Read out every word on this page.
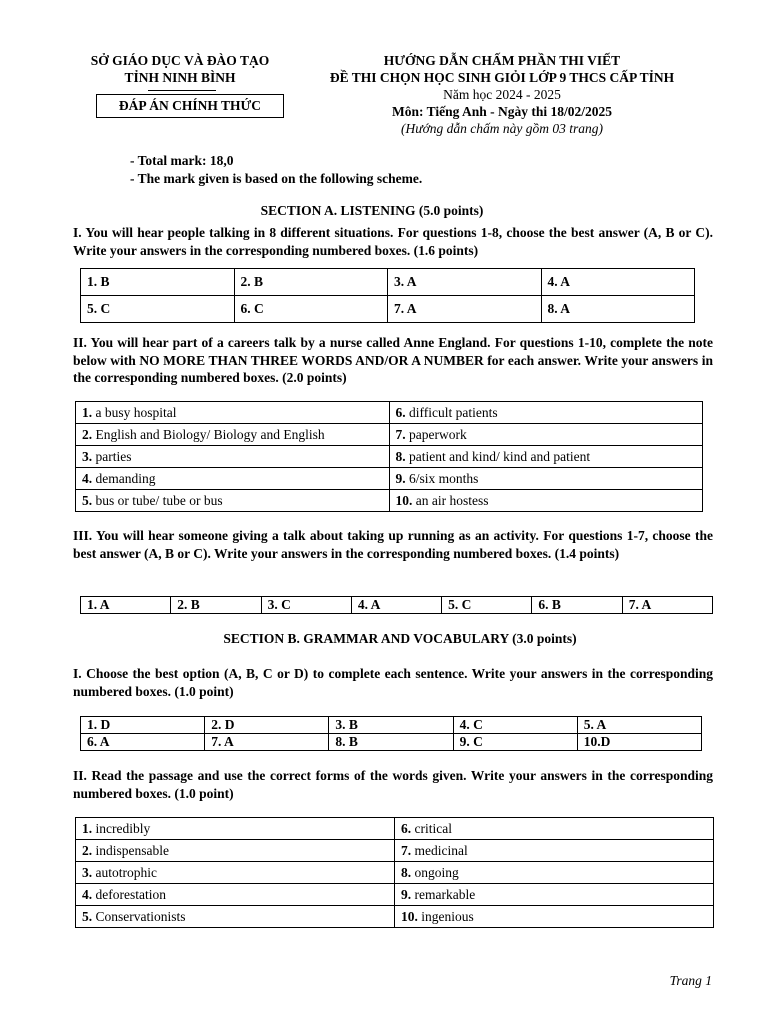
SỞ GIÁO DỤC VÀ ĐÀO TẠO
TỈNH NINH BÌNH
ĐÁP ÁN CHÍNH THỨC
HƯỚNG DẪN CHẤM PHẦN THI VIẾT
ĐỀ THI CHỌN HỌC SINH GIỎI LỚP 9 THCS CẤP TỈNH
Năm học 2024 - 2025
Môn: Tiếng Anh - Ngày thi 18/02/2025
(Hướng dẫn chấm này gồm 03 trang)
- Total mark: 18,0
- The mark given is based on the following scheme.
SECTION A. LISTENING (5.0 points)
I. You will hear people talking in 8 different situations. For questions 1-8, choose the best answer (A, B or C). Write your answers in the corresponding numbered boxes. (1.6 points)
1. B	2. B	3. A	4. A
5. C	6. C	7. A	8. A
II. You will hear part of a careers talk by a nurse called Anne England. For questions 1-10, complete the note below with NO MORE THAN THREE WORDS AND/OR A NUMBER for each answer. Write your answers in the corresponding numbered boxes. (2.0 points)
1. a busy hospital	6. difficult patients
2. English and Biology/ Biology and English	7. paperwork
3. parties	8. patient and kind/ kind and patient
4. demanding	9. 6/six months
5. bus or tube/ tube or bus	10. an air hostess
III. You will hear someone giving a talk about taking up running as an activity. For questions 1-7, choose the best answer (A, B or C). Write your answers in the corresponding numbered boxes. (1.4 points)
1. A	2. B	3. C	4. A	5. C	6. B	7. A
SECTION B. GRAMMAR AND VOCABULARY (3.0 points)
I. Choose the best option (A, B, C or D) to complete each sentence. Write your answers in the corresponding numbered boxes. (1.0 point)
1. D	2. D	3. B	4. C	5. A
6. A	7. A	8. B	9. C	10.D
II. Read the passage and use the correct forms of the words given. Write your answers in the corresponding numbered boxes. (1.0 point)
1. incredibly	6. critical
2. indispensable	7. medicinal
3. autotrophic	8. ongoing
4. deforestation	9. remarkable
5. Conservationists	10. ingenious
Trang 1
